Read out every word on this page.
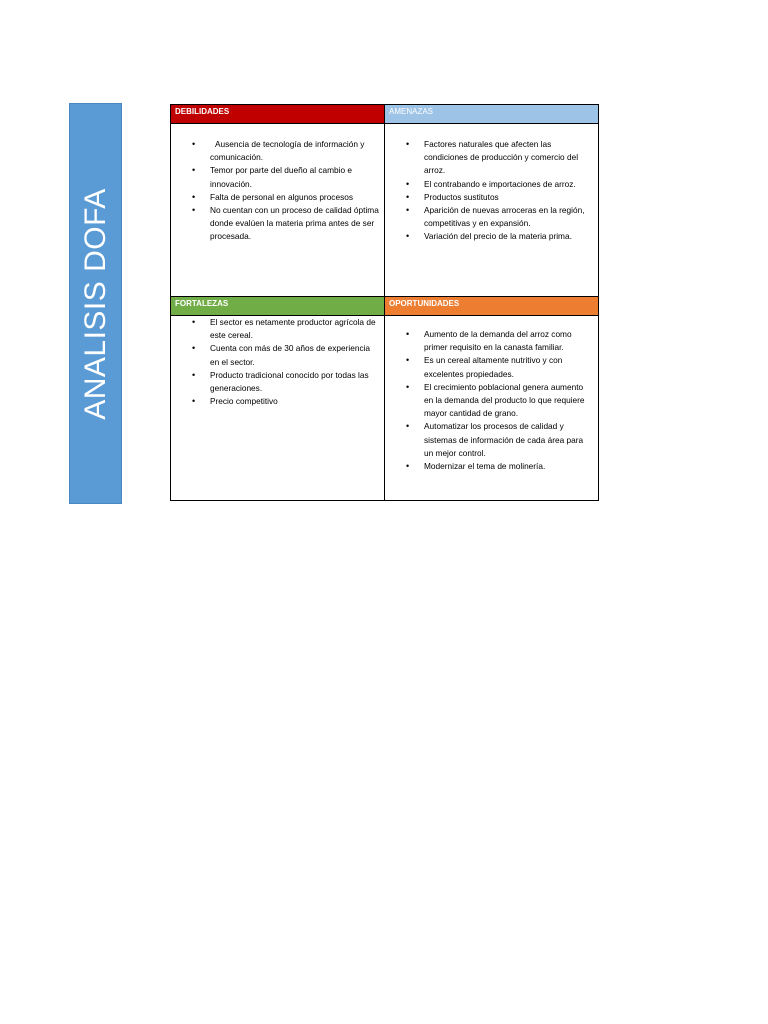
ANALISIS DOFA
DEBILIDADES
• Ausencia de tecnología de información y comunicación.
• Temor por parte del dueño al cambio e innovación.
• Falta de personal en algunos procesos
• No cuentan con un proceso de calidad óptima donde evalúen la materia prima antes de ser procesada.
AMENAZAS
• Factores naturales que afecten las condiciones de producción y comercio del arroz.
• El contrabando e importaciones de arroz.
• Productos sustitutos
• Aparición de nuevas arroceras en la región, competitivas y en expansión.
• Variación del precio de la materia prima.
FORTALEZAS
• El sector es netamente productor agrícola de este cereal.
• Cuenta con más de 30 años de experiencia en el sector.
• Producto tradicional conocido por todas las generaciones.
• Precio competitivo
OPORTUNIDADES
• Aumento de la demanda del arroz como primer requisito en la canasta familiar.
• Es un cereal altamente nutritivo y con excelentes propiedades.
• El crecimiento poblacional genera aumento en la demanda del producto lo que requiere mayor cantidad de grano.
• Automatizar los procesos de calidad y sistemas de información de cada área para un mejor control.
• Modernizar el tema de molinería.
